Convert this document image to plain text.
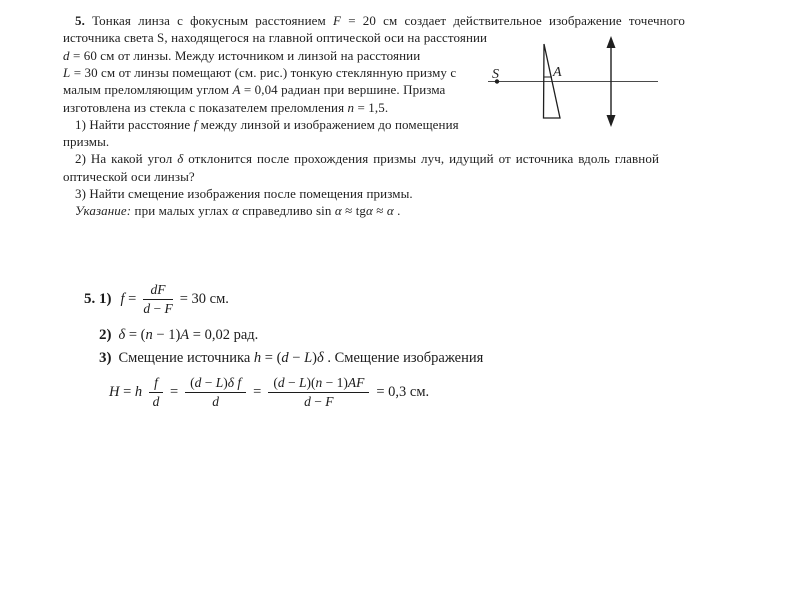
5. Тонкая линза с фокусным расстоянием F = 20 см создает действительное изображение точечного
источника света S, находящегося на главной оптической оси на расстоянии
d = 60 см от линзы. Между источником и линзой на расстоянии
L = 30 см от линзы помещают (см. рис.) тонкую стеклянную призму с
малым преломляющим углом A = 0,04 радиан при вершине. Призма
изготовлена из стекла с показателем преломления n = 1,5.
1) Найти расстояние f между линзой и изображением до помещения
призмы.
2) На какой угол δ отклонится после прохождения призмы луч, идущий от источника вдоль главной
оптической оси линзы?
3) Найти смещение изображения после помещения призмы.
Указание: при малых углах α справедливо sin α ≈ tgα ≈ α .
S	A
5. 1) $f = \frac{dF}{d - F} = 30$ см.
2) δ = (n − 1)A = 0,02 рад.
3) Смещение источника h = (d − L)δ . Смещение изображения
H = h $\frac{f}{d} = \frac{\text{(d − L)δ f}}{d} = \frac{(d - L)(n - 1)AF}{d - F} = 0,3$ см.
